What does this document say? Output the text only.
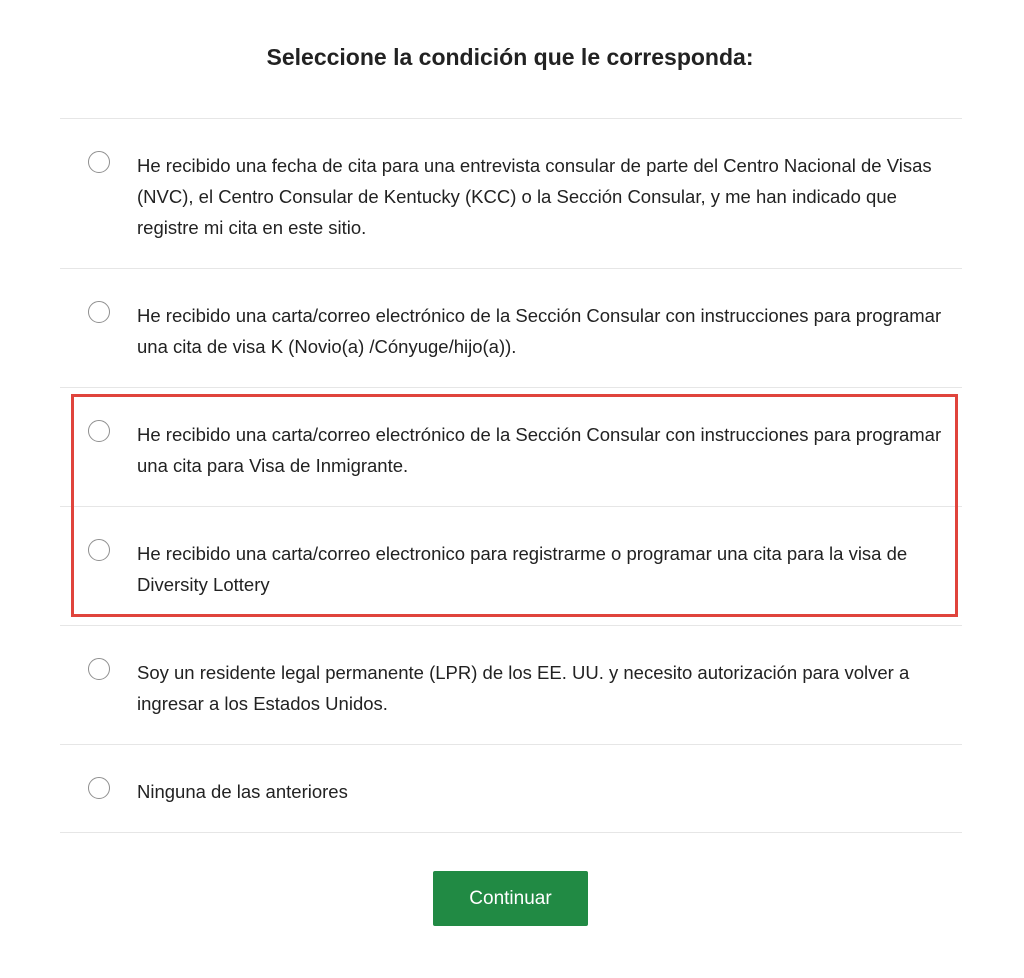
Seleccione la condición que le corresponda:
He recibido una fecha de cita para una entrevista consular de parte del Centro Nacional de Visas (NVC), el Centro Consular de Kentucky (KCC) o la Sección Consular, y me han indicado que registre mi cita en este sitio.
He recibido una carta/correo electrónico de la Sección Consular con instrucciones para programar una cita de visa K (Novio(a) /Cónyuge/hijo(a)).
He recibido una carta/correo electrónico de la Sección Consular con instrucciones para programar una cita para Visa de Inmigrante.
He recibido una carta/correo electronico para registrarme o programar una cita para la visa de Diversity Lottery
Soy un residente legal permanente (LPR) de los EE. UU. y necesito autorización para volver a ingresar a los Estados Unidos.
Ninguna de las anteriores
Continuar
